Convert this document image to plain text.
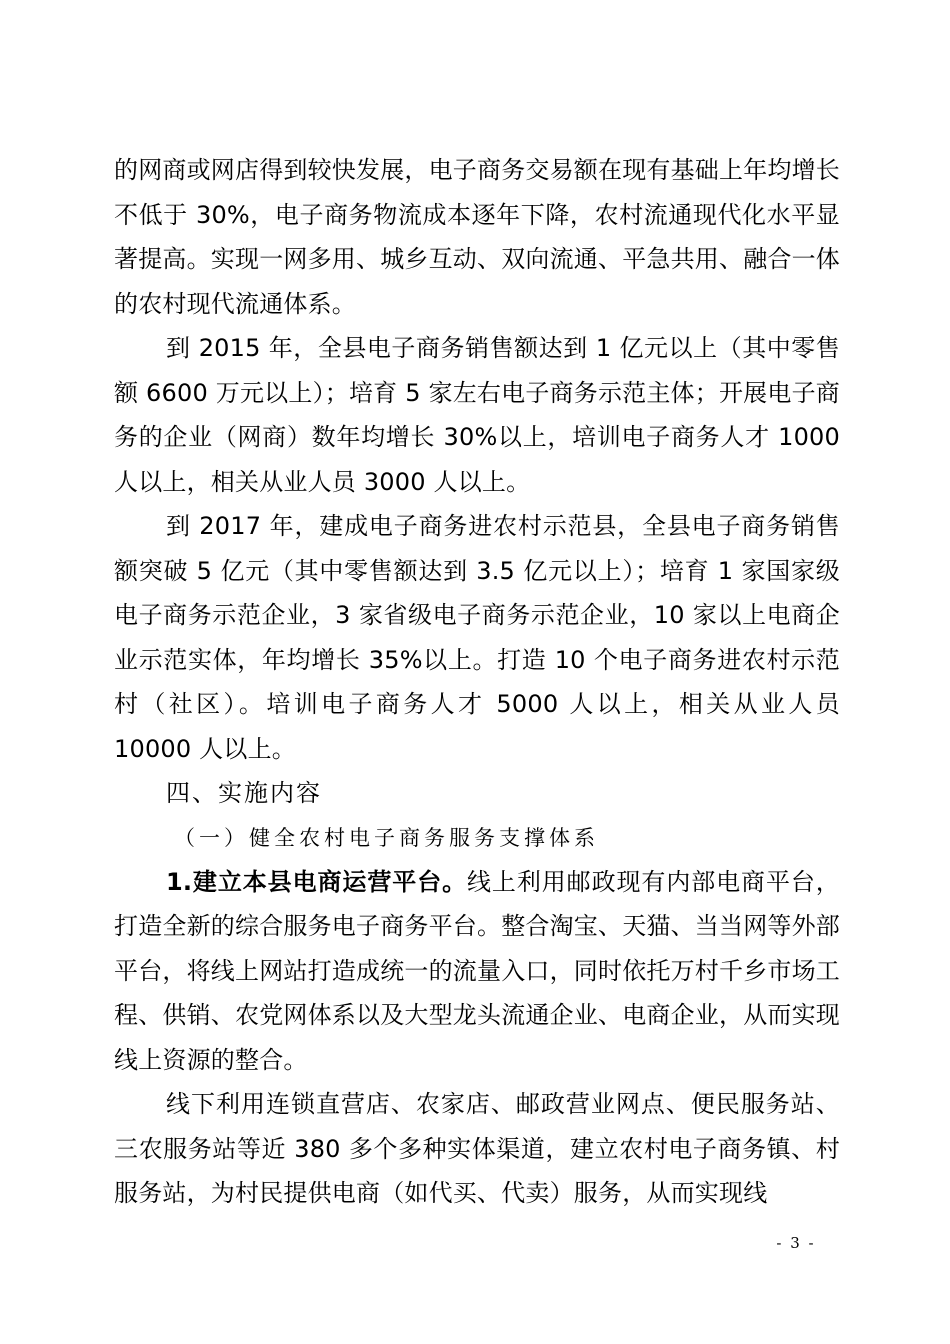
的网商或网店得到较快发展，电子商务交易额在现有基础上年均增长不低于 30%，电子商务物流成本逐年下降，农村流通现代化水平显著提高。实现一网多用、城乡互动、双向流通、平急共用、融合一体的农村现代流通体系。

到 2015 年，全县电子商务销售额达到 1 亿元以上（其中零售额 6600 万元以上）；培育 5 家左右电子商务示范主体；开展电子商务的企业（网商）数年均增长 30%以上，培训电子商务人才 1000 人以上，相关从业人员 3000 人以上。

到 2017 年，建成电子商务进农村示范县，全县电子商务销售额突破 5 亿元（其中零售额达到 3.5 亿元以上）；培育 1 家国家级电子商务示范企业，3 家省级电子商务示范企业，10 家以上电商企业示范实体，年均增长 35%以上。打造 10 个电子商务进农村示范村（社区）。培训电子商务人才 5000 人以上，相关从业人员 10000 人以上。

四、实施内容

（一）健全农村电子商务服务支撑体系

1.建立本县电商运营平台。线上利用邮政现有内部电商平台，打造全新的综合服务电子商务平台。整合淘宝、天猫、当当网等外部平台，将线上网站打造成统一的流量入口，同时依托万村千乡市场工程、供销、农党网体系以及大型龙头流通企业、电商企业，从而实现线上资源的整合。

线下利用连锁直营店、农家店、邮政营业网点、便民服务站、三农服务站等近 380 多个多种实体渠道，建立农村电子商务镇、村服务站，为村民提供电商（如代买、代卖）服务，从而实现线

- 3 -
